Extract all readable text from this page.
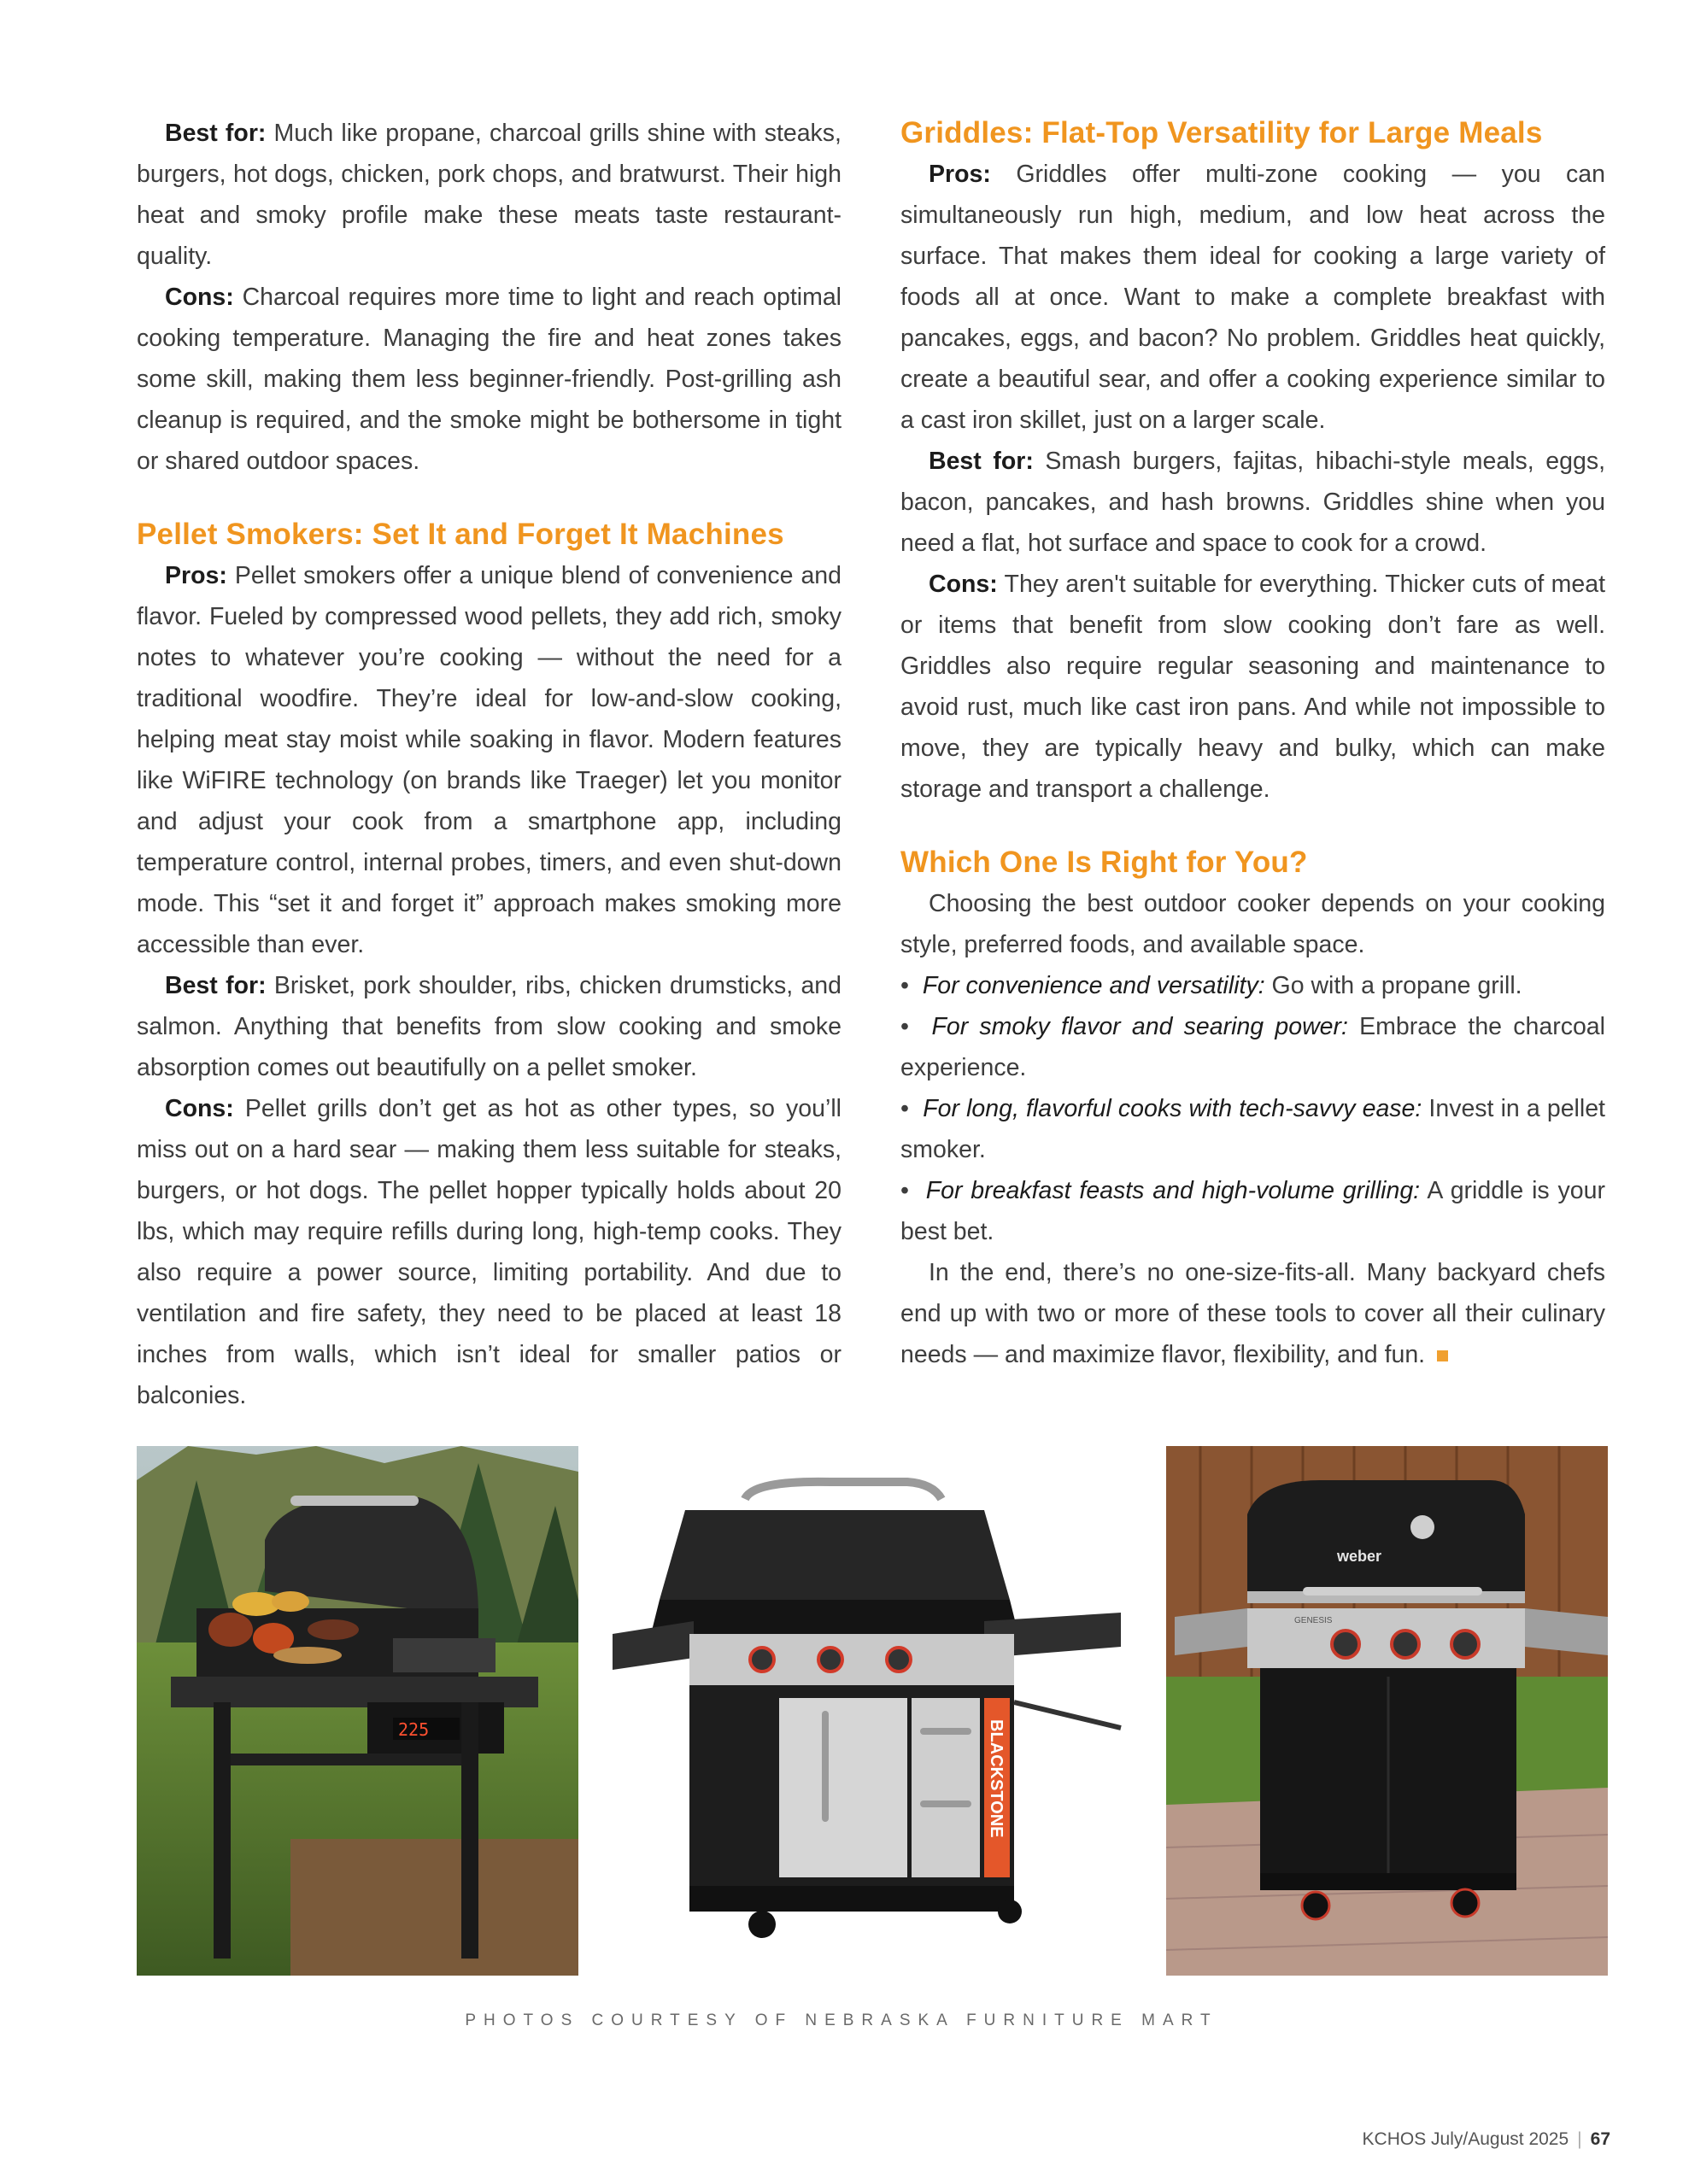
Best for: Much like propane, charcoal grills shine with steaks, burgers, hot dogs, chicken, pork chops, and bratwurst. Their high heat and smoky profile make these meats taste restaurant-quality.

Cons: Charcoal requires more time to light and reach optimal cooking temperature. Managing the fire and heat zones takes some skill, making them less beginner-friendly. Post-grilling ash cleanup is required, and the smoke might be bothersome in tight or shared outdoor spaces.

Pellet Smokers: Set It and Forget It Machines

Pros: Pellet smokers offer a unique blend of convenience and flavor. Fueled by compressed wood pellets, they add rich, smoky notes to whatever you’re cooking — without the need for a traditional woodfire. They’re ideal for low-and-slow cooking, helping meat stay moist while soaking in flavor. Modern features like WiFIRE technology (on brands like Traeger) let you monitor and adjust your cook from a smartphone app, including temperature control, internal probes, timers, and even shut-down mode. This “set it and forget it” approach makes smoking more accessible than ever.

Best for: Brisket, pork shoulder, ribs, chicken drumsticks, and salmon. Anything that benefits from slow cooking and smoke absorption comes out beautifully on a pellet smoker.

Cons: Pellet grills don’t get as hot as other types, so you’ll miss out on a hard sear — making them less suitable for steaks, burgers, or hot dogs. The pellet hopper typically holds about 20 lbs, which may require refills during long, high-temp cooks. They also require a power source, limiting portability. And due to ventilation and fire safety, they need to be placed at least 18 inches from walls, which isn’t ideal for smaller patios or balconies.

Griddles: Flat-Top Versatility for Large Meals

Pros: Griddles offer multi-zone cooking — you can simultaneously run high, medium, and low heat across the surface. That makes them ideal for cooking a large variety of foods all at once. Want to make a complete breakfast with pancakes, eggs, and bacon? No problem. Griddles heat quickly, create a beautiful sear, and offer a cooking experience similar to a cast iron skillet, just on a larger scale.

Best for: Smash burgers, fajitas, hibachi-style meals, eggs, bacon, pancakes, and hash browns. Griddles shine when you need a flat, hot surface and space to cook for a crowd.

Cons: They aren't suitable for everything. Thicker cuts of meat or items that benefit from slow cooking don’t fare as well. Griddles also require regular seasoning and maintenance to avoid rust, much like cast iron pans. And while not impossible to move, they are typically heavy and bulky, which can make storage and transport a challenge.

Which One Is Right for You?

Choosing the best outdoor cooker depends on your cooking style, preferred foods, and available space.

• For convenience and versatility: Go with a propane grill.
• For smoky flavor and searing power: Embrace the charcoal experience.
• For long, flavorful cooks with tech-savvy ease: Invest in a pellet smoker.
• For breakfast feasts and high-volume grilling: A griddle is your best bet.

In the end, there’s no one-size-fits-all. Many backyard chefs end up with two or more of these tools to cover all their culinary needs — and maximize flavor, flexibility, and fun.

225	BLACKSTONE
weber
GENESIS
PHOTOS COURTESY OF NEBRASKA FURNITURE MART
KCHOS July/August 2025 | 67
